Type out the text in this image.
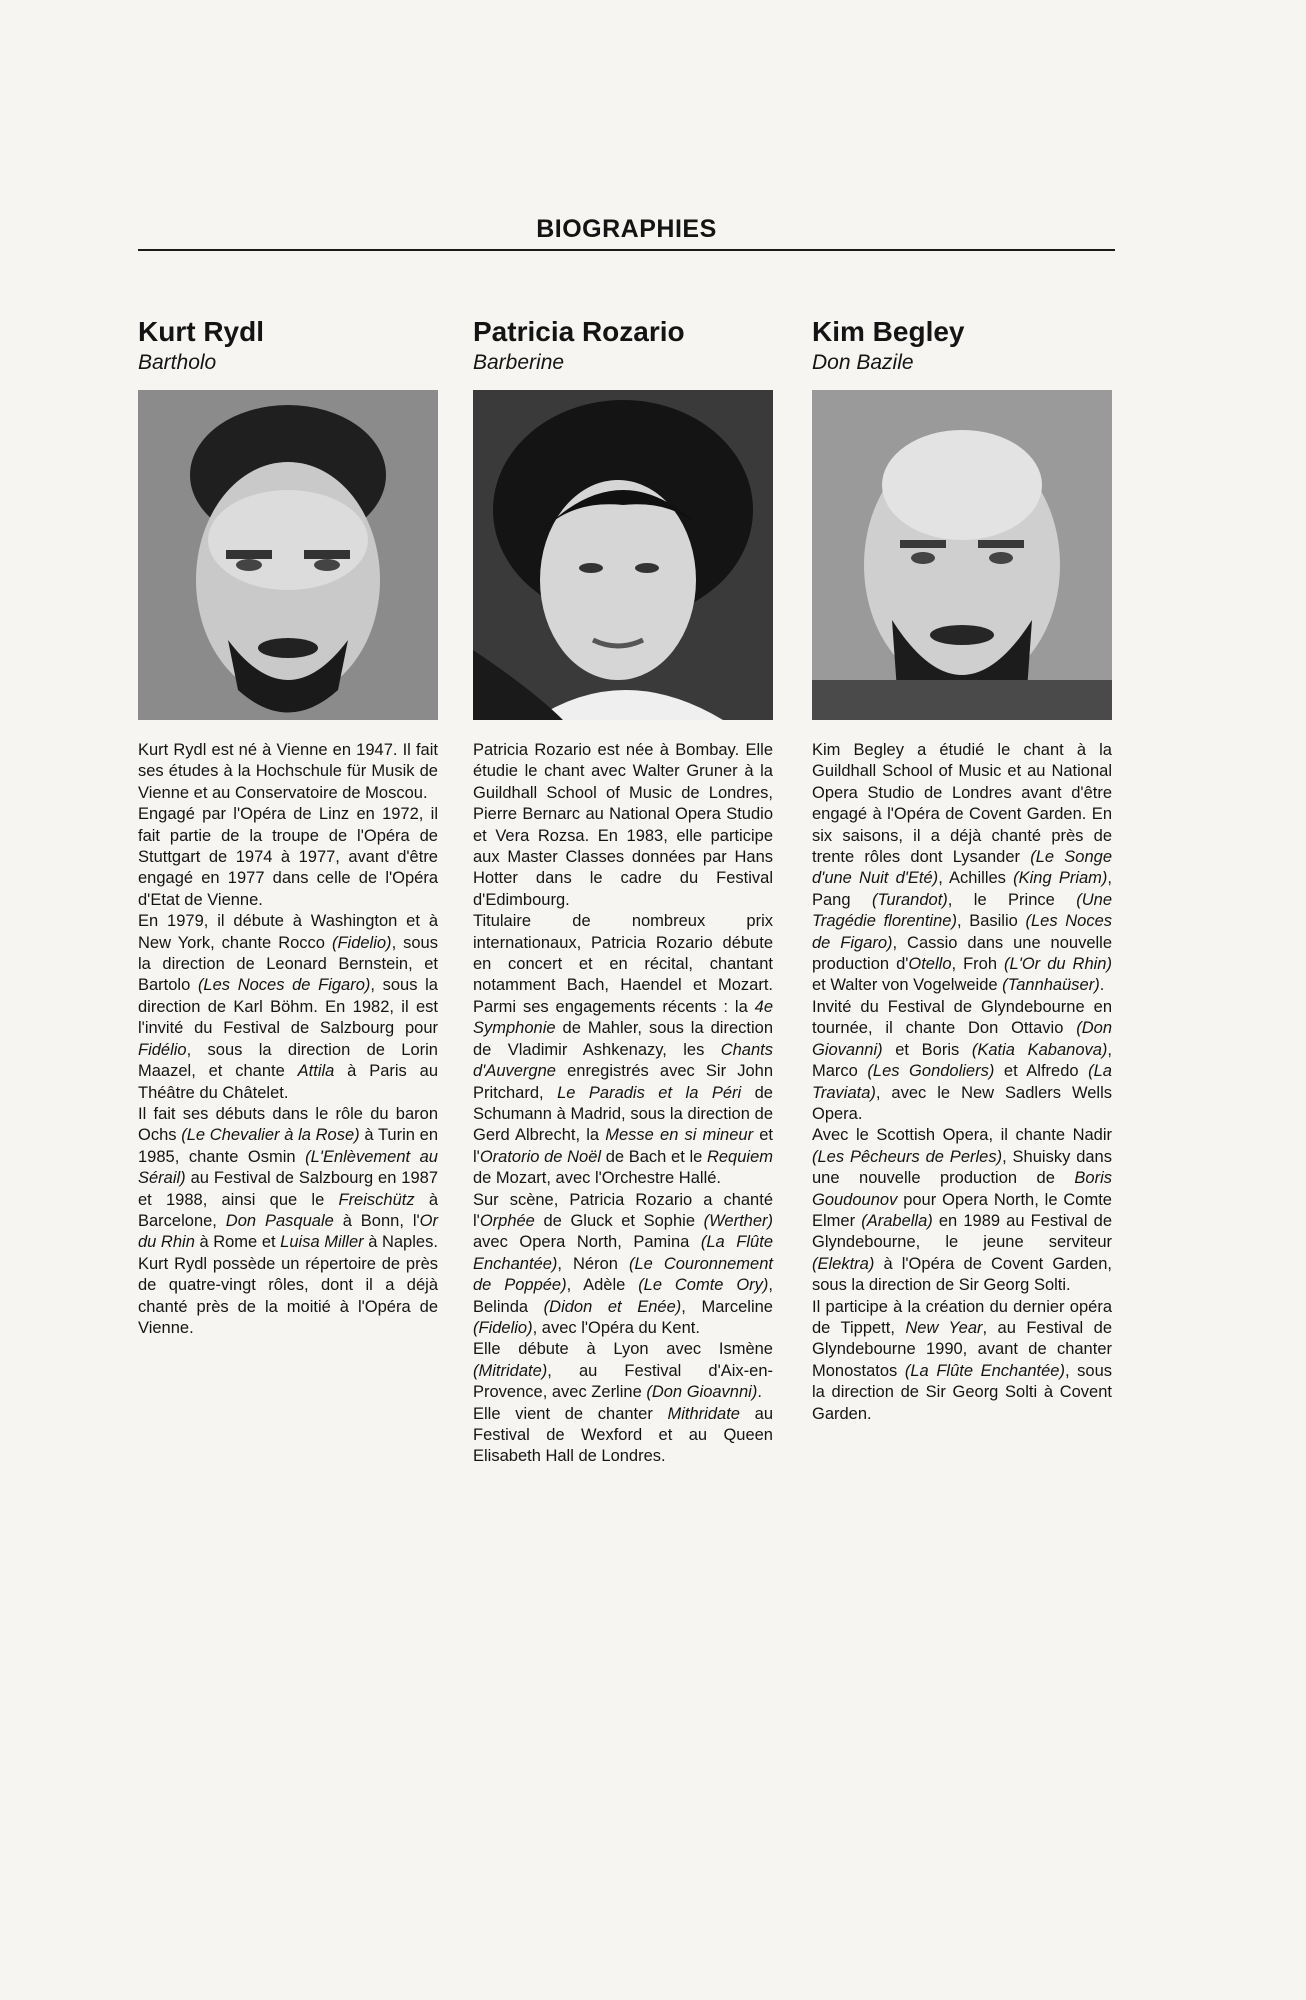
BIOGRAPHIES
Kurt Rydl
Bartholo

Kurt Rydl est né à Vienne en 1947. Il fait ses études à la Hochschule für Musik de Vienne et au Conservatoire de Moscou.

Engagé par l'Opéra de Linz en 1972, il fait partie de la troupe de l'Opéra de Stuttgart de 1974 à 1977, avant d'être engagé en 1977 dans celle de l'Opéra d'Etat de Vienne.

En 1979, il débute à Washington et à New York, chante Rocco (Fidelio), sous la direction de Leonard Bernstein, et Bartolo (Les Noces de Figaro), sous la direction de Karl Böhm. En 1982, il est l'invité du Festival de Salzbourg pour Fidélio, sous la direction de Lorin Maazel, et chante Attila à Paris au Théâtre du Châtelet.

Il fait ses débuts dans le rôle du baron Ochs (Le Chevalier à la Rose) à Turin en 1985, chante Osmin (L'Enlèvement au Sérail) au Festival de Salzbourg en 1987 et 1988, ainsi que le Freischütz à Barcelone, Don Pasquale à Bonn, l'Or du Rhin à Rome et Luisa Miller à Naples.

Kurt Rydl possède un répertoire de près de quatre-vingt rôles, dont il a déjà chanté près de la moitié à l'Opéra de Vienne.

Patricia Rozario
Barberine

Patricia Rozario est née à Bombay. Elle étudie le chant avec Walter Gruner à la Guildhall School of Music de Londres, Pierre Bernarc au National Opera Studio et Vera Rozsa. En 1983, elle participe aux Master Classes données par Hans Hotter dans le cadre du Festival d'Edimbourg.

Titulaire de nombreux prix internationaux, Patricia Rozario débute en concert et en récital, chantant notamment Bach, Haendel et Mozart. Parmi ses engagements récents : la 4e Symphonie de Mahler, sous la direction de Vladimir Ashkenazy, les Chants d'Auvergne enregistrés avec Sir John Pritchard, Le Paradis et la Péri de Schumann à Madrid, sous la direction de Gerd Albrecht, la Messe en si mineur et l'Oratorio de Noël de Bach et le Requiem de Mozart, avec l'Orchestre Hallé.

Sur scène, Patricia Rozario a chanté l'Orphée de Gluck et Sophie (Werther) avec Opera North, Pamina (La Flûte Enchantée), Néron (Le Couronnement de Poppée), Adèle (Le Comte Ory), Belinda (Didon et Enée), Marceline (Fidelio), avec l'Opéra du Kent.

Elle débute à Lyon avec Ismène (Mitridate), au Festival d'Aix-en-Provence, avec Zerline (Don Gioavnni).

Elle vient de chanter Mithridate au Festival de Wexford et au Queen Elisabeth Hall de Londres.

Kim Begley
Don Bazile

Kim Begley a étudié le chant à la Guildhall School of Music et au National Opera Studio de Londres avant d'être engagé à l'Opéra de Covent Garden. En six saisons, il a déjà chanté près de trente rôles dont Lysander (Le Songe d'une Nuit d'Eté), Achilles (King Priam), Pang (Turandot), le Prince (Une Tragédie florentine), Basilio (Les Noces de Figaro), Cassio dans une nouvelle production d'Otello, Froh (L'Or du Rhin) et Walter von Vogelweide (Tannhaüser).

Invité du Festival de Glyndebourne en tournée, il chante Don Ottavio (Don Giovanni) et Boris (Katia Kabanova), Marco (Les Gondoliers) et Alfredo (La Traviata), avec le New Sadlers Wells Opera.

Avec le Scottish Opera, il chante Nadir (Les Pêcheurs de Perles), Shuisky dans une nouvelle production de Boris Goudounov pour Opera North, le Comte Elmer (Arabella) en 1989 au Festival de Glyndebourne, le jeune serviteur (Elektra) à l'Opéra de Covent Garden, sous la direction de Sir Georg Solti.

Il participe à la création du dernier opéra de Tippett, New Year, au Festival de Glyndebourne 1990, avant de chanter Monostatos (La Flûte Enchantée), sous la direction de Sir Georg Solti à Covent Garden.
